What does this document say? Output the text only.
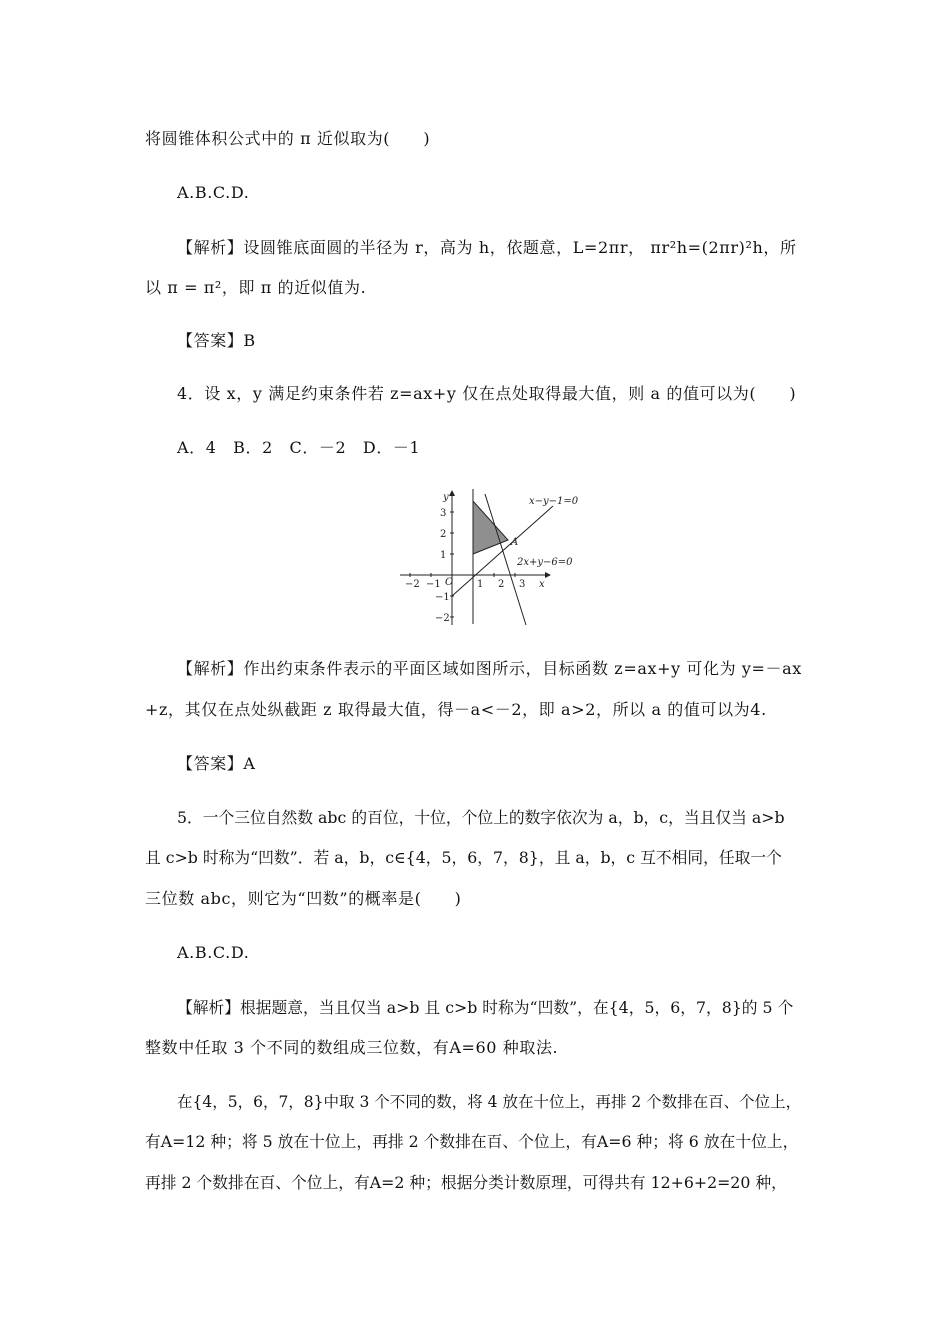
将圆锥体积公式中的 π 近似取为(　　)
A.B.C.D.
【解析】设圆锥底面圆的半径为 r，高为 h，依题意，L=2πr， πr²h=(2πr)²h，所
以 π = π²，即 π 的近似值为.
【答案】B
4．设 x，y 满足约束条件若 z=ax+y 仅在点处取得最大值，则 a 的值可以为(　　)
A．4　B．2　C．－2　D．－1
−2 −1	1 2 3 x
y
3
2
1
−1
−2
O
A
x−y−1=0
2x+y−6=0
【解析】作出约束条件表示的平面区域如图所示，目标函数 z=ax+y 可化为 y=－ax
+z，其仅在点处纵截距 z 取得最大值，得－a<－2，即 a>2，所以 a 的值可以为4.
【答案】A
5．一个三位自然数 abc 的百位，十位，个位上的数字依次为 a，b，c，当且仅当 a>b
且 c>b 时称为“凹数”．若 a，b，c∈{4，5，6，7，8}，且 a，b，c 互不相同，任取一个
三位数 abc，则它为“凹数”的概率是(　　)
A.B.C.D.
【解析】根据题意，当且仅当 a>b 且 c>b 时称为“凹数”，在{4，5，6，7，8}的 5 个
整数中任取 3 个不同的数组成三位数，有A=60 种取法.
在{4，5，6，7，8}中取 3 个不同的数，将 4 放在十位上，再排 2 个数排在百、个位上，
有A=12 种；将 5 放在十位上，再排 2 个数排在百、个位上，有A=6 种；将 6 放在十位上，
再排 2 个数排在百、个位上，有A=2 种；根据分类计数原理，可得共有 12+6+2=20 种，
